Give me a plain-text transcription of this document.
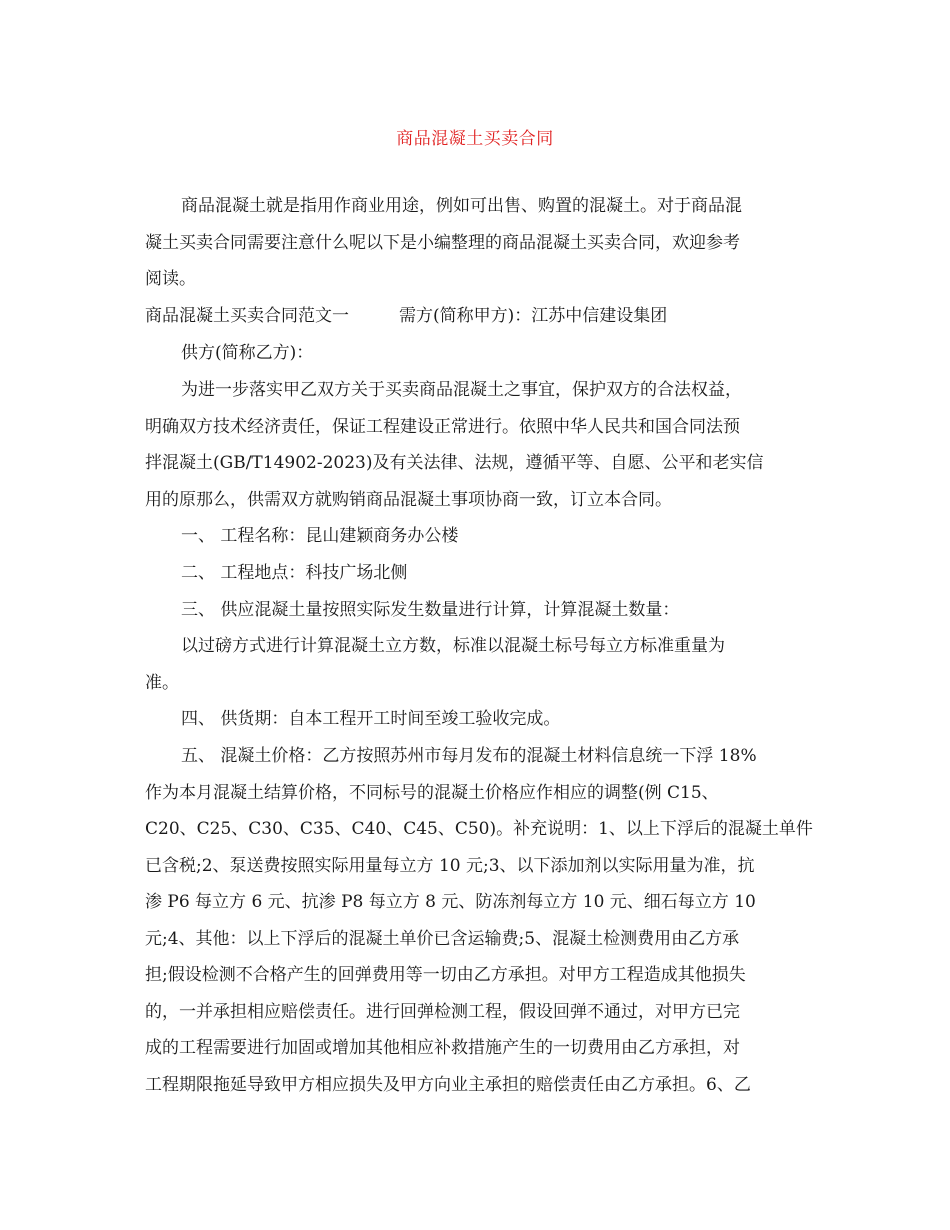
商品混凝土买卖合同
商品混凝土就是指用作商业用途，例如可出售、购置的混凝土。对于商品混
凝土买卖合同需要注意什么呢以下是小编整理的商品混凝土买卖合同，欢迎参考
阅读。
商品混凝土买卖合同范文一	需方(简称甲方)：江苏中信建设集团
供方(简称乙方)：
为进一步落实甲乙双方关于买卖商品混凝土之事宜，保护双方的合法权益，
明确双方技术经济责任，保证工程建设正常进行。依照中华人民共和国合同法预
拌混凝土(GB/T14902-2023)及有关法律、法规，遵循平等、自愿、公平和老实信
用的原那么，供需双方就购销商品混凝土事项协商一致，订立本合同。
一、 工程名称：昆山建颖商务办公楼
二、 工程地点：科技广场北侧
三、 供应混凝土量按照实际发生数量进行计算，计算混凝土数量：
以过磅方式进行计算混凝土立方数，标准以混凝土标号每立方标准重量为
准。
四、 供货期：自本工程开工时间至竣工验收完成。
五、 混凝土价格：乙方按照苏州市每月发布的混凝土材料信息统一下浮 18%
作为本月混凝土结算价格，不同标号的混凝土价格应作相应的调整(例 C15、
C20、C25、C30、C35、C40、C45、C50)。补充说明：1、以上下浮后的混凝土单件
已含税;2、泵送费按照实际用量每立方 10 元;3、以下添加剂以实际用量为准，抗
渗 P6 每立方 6 元、抗渗 P8 每立方 8 元、防冻剂每立方 10 元、细石每立方 10
元;4、其他：以上下浮后的混凝土单价已含运输费;5、混凝土检测费用由乙方承
担;假设检测不合格产生的回弹费用等一切由乙方承担。对甲方工程造成其他损失
的，一并承担相应赔偿责任。进行回弹检测工程，假设回弹不通过，对甲方已完
成的工程需要进行加固或增加其他相应补救措施产生的一切费用由乙方承担，对
工程期限拖延导致甲方相应损失及甲方向业主承担的赔偿责任由乙方承担。6、乙
